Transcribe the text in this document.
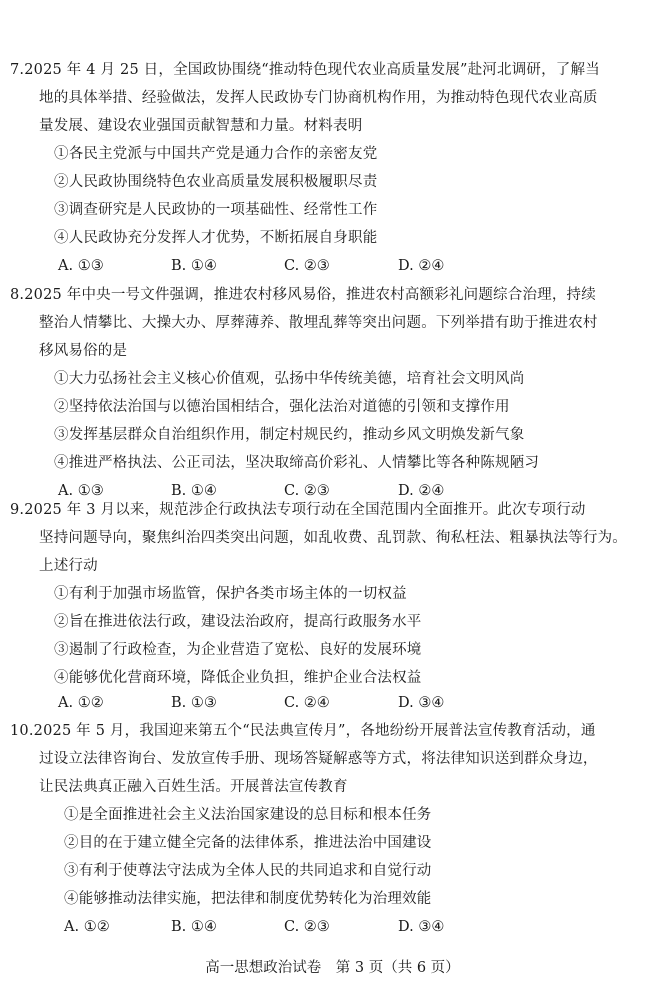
7.2025 年 4 月 25 日，全国政协围绕“推动特色现代农业高质量发展”赴河北调研，了解当
地的具体举措、经验做法，发挥人民政协专门协商机构作用，为推动特色现代农业高质
量发展、建设农业强国贡献智慧和力量。材料表明
①各民主党派与中国共产党是通力合作的亲密友党
②人民政协围绕特色农业高质量发展积极履职尽责
③调查研究是人民政协的一项基础性、经常性工作
④人民政协充分发挥人才优势，不断拓展自身职能
A. ①③	B. ①④	C. ②③	D. ②④
8.2025 年中央一号文件强调，推进农村移风易俗，推进农村高额彩礼问题综合治理，持续
整治人情攀比、大操大办、厚葬薄养、散埋乱葬等突出问题。下列举措有助于推进农村
移风易俗的是
①大力弘扬社会主义核心价值观，弘扬中华传统美德，培育社会文明风尚
②坚持依法治国与以德治国相结合，强化法治对道德的引领和支撑作用
③发挥基层群众自治组织作用，制定村规民约，推动乡风文明焕发新气象
④推进严格执法、公正司法，坚决取缔高价彩礼、人情攀比等各种陈规陋习
A. ①③	B. ①④	C. ②③	D. ②④
9.2025 年 3 月以来，规范涉企行政执法专项行动在全国范围内全面推开。此次专项行动
坚持问题导向，聚焦纠治四类突出问题，如乱收费、乱罚款、徇私枉法、粗暴执法等行为。
上述行动
①有利于加强市场监管，保护各类市场主体的一切权益
②旨在推进依法行政，建设法治政府，提高行政服务水平
③遏制了行政检查，为企业营造了宽松、良好的发展环境
④能够优化营商环境，降低企业负担，维护企业合法权益
A. ①②	B. ①③	C. ②④	D. ③④
10.2025 年 5 月，我国迎来第五个“民法典宣传月”，各地纷纷开展普法宣传教育活动，通
过设立法律咨询台、发放宣传手册、现场答疑解惑等方式，将法律知识送到群众身边，
让民法典真正融入百姓生活。开展普法宣传教育
①是全面推进社会主义法治国家建设的总目标和根本任务
②目的在于建立健全完备的法律体系，推进法治中国建设
③有利于使尊法守法成为全体人民的共同追求和自觉行动
④能够推动法律实施，把法律和制度优势转化为治理效能
A. ①②	B. ①④	C. ②③	D. ③④
高一思想政治试卷　第 3 页（共 6 页）
